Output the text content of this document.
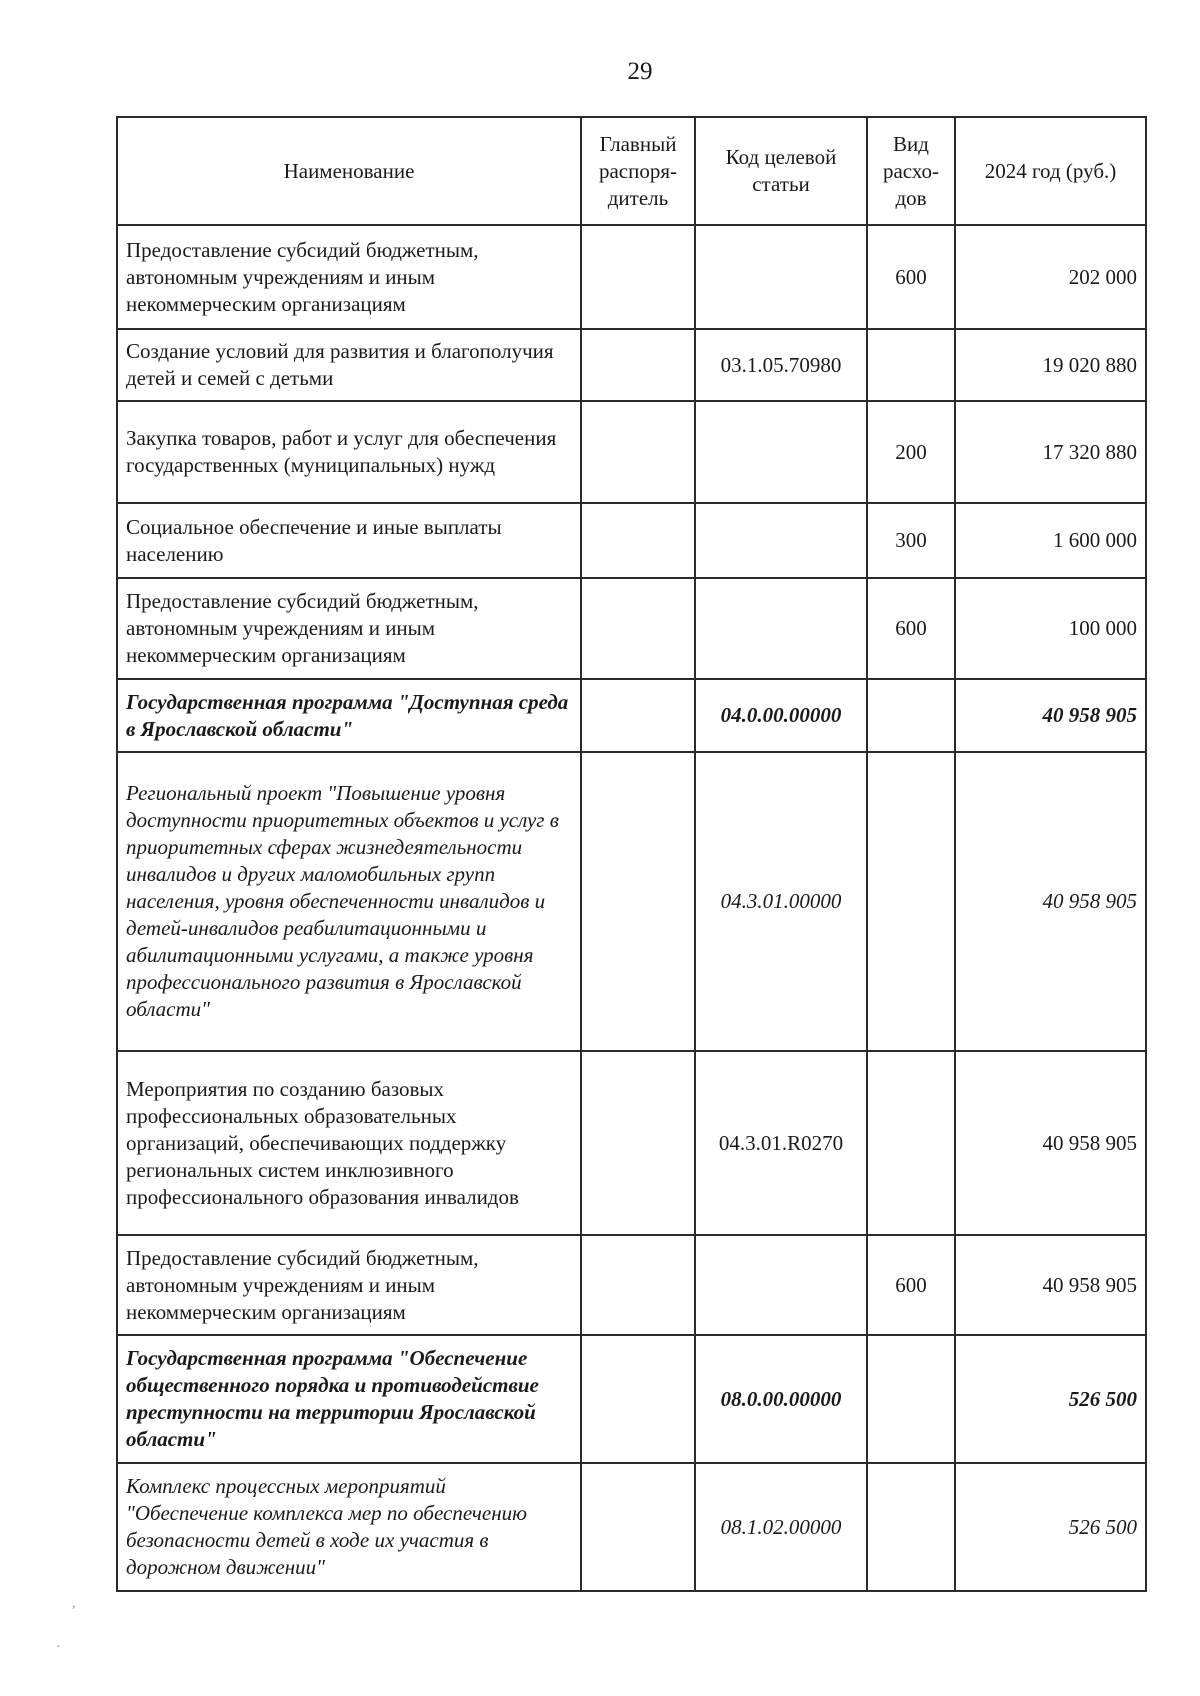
29
Наименование	Главный распоря-дитель	Код целевой статьи	Вид расхо-дов	2024 год (руб.)
Предоставление субсидий бюджетным, автономным учреждениям и иным некоммерческим организациям			600	202 000
Создание условий для развития и благополучия детей и семей с детьми		03.1.05.70980		19 020 880
Закупка товаров, работ и услуг для обеспечения государственных (муниципальных) нужд			200	17 320 880
Социальное обеспечение и иные выплаты населению			300	1 600 000
Предоставление субсидий бюджетным, автономным учреждениям и иным некоммерческим организациям			600	100 000
Государственная программа "Доступная среда в Ярославской области"		04.0.00.00000		40 958 905
Региональный проект "Повышение уровня доступности приоритетных объектов и услуг в приоритетных сферах жизнедеятельности инвалидов и других маломобильных групп населения, уровня обеспеченности инвалидов и детей-инвалидов реабилитационными и абилитационными услугами, а также уровня профессионального развития в Ярославской области"		04.3.01.00000		40 958 905
Мероприятия по созданию базовых профессиональных образовательных организаций, обеспечивающих поддержку региональных систем инклюзивного профессионального образования инвалидов		04.3.01.R0270		40 958 905
Предоставление субсидий бюджетным, автономным учреждениям и иным некоммерческим организациям			600	40 958 905
Государственная программа "Обеспечение общественного порядка и противодействие преступности на территории Ярославской области"		08.0.00.00000		526 500
Комплекс процессных мероприятий "Обеспечение комплекса мер по обеспечению безопасности детей в ходе их участия в дорожном движении"		08.1.02.00000		526 500
,
·
